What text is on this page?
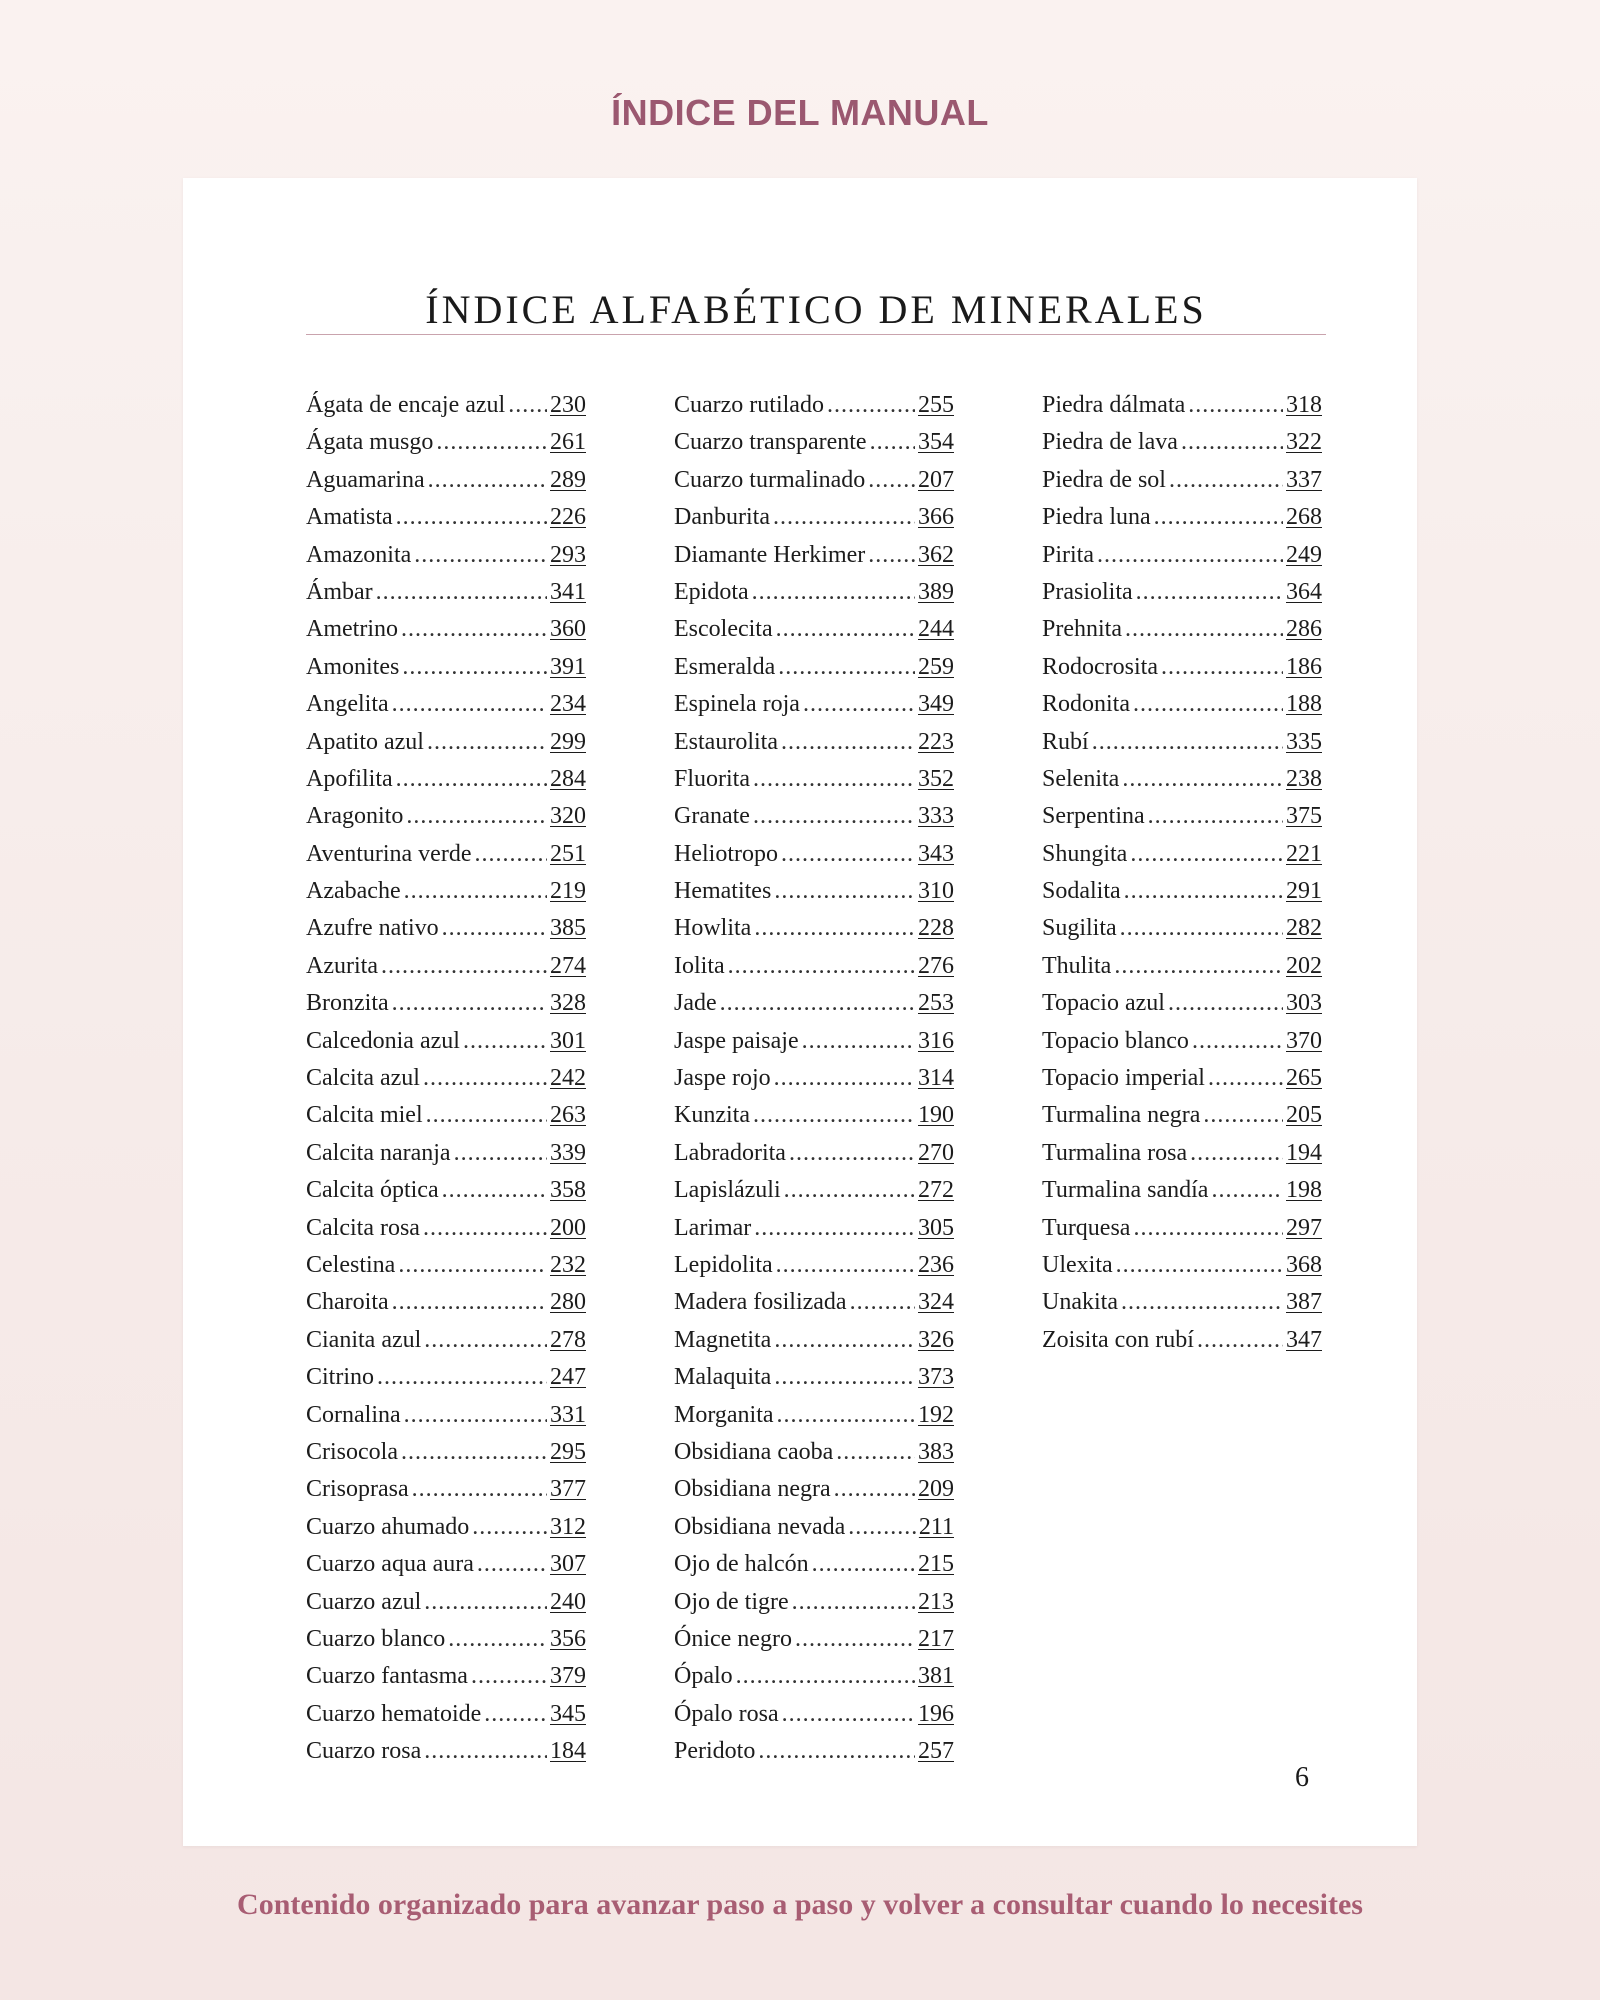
ÍNDICE DEL MANUAL
ÍNDICE ALFABÉTICO DE MINERALES
Ágata de encaje azul ..... 230
Ágata musgo .....	261
Aguamarina .....	289
Amatista .....	226
Amazonita .....	293
Ámbar .....	341
Ametrino .....	360
Amonites .....	391
Angelita .....	234
Apatito azul .....	299
Apofilita .....	284
Aragonito .....	320
Aventurina verde .....	251
Azabache .....	219
Azufre nativo .....	385
Azurita .....	274
Bronzita .....	328
Calcedonia azul .....	301
Calcita azul .....	242
Calcita miel .....	263
Calcita naranja .....	339
Calcita óptica .....	358
Calcita rosa .....	200
Celestina .....	232
Charoita .....	280
Cianita azul .....	278
Citrino .....	247
Cornalina .....	331
Crisocola .....	295
Crisoprasa .....	377
Cuarzo ahumado .....	312
Cuarzo aqua aura .....	307
Cuarzo azul .....	240
Cuarzo blanco .....	356
Cuarzo fantasma .....	379
Cuarzo hematoide .....	345
Cuarzo rosa .....	184
Cuarzo rutilado .....	255
Cuarzo transparente ..... 354
Cuarzo turmalinado ..... 207
Danburita .....	366
Diamante Herkimer ..... 362
Epidota .....	389
Escolecita .....	244
Esmeralda .....	259
Espinela roja .....	349
Estaurolita .....	223
Fluorita .....	352
Granate .....	333
Heliotropo .....	343
Hematites .....	310
Howlita .....	228
Iolita .....	276
Jade .....	253
Jaspe paisaje .....	316
Jaspe rojo .....	314
Kunzita .....	190
Labradorita .....	270
Lapislázuli .....	272
Larimar .....	305
Lepidolita .....	236
Madera fosilizada .....	324
Magnetita .....	326
Malaquita .....	373
Morganita .....	192
Obsidiana caoba .....	383
Obsidiana negra .....	209
Obsidiana nevada .....	211
Ojo de halcón .....	215
Ojo de tigre .....	213
Ónice negro .....	217
Ópalo .....	381
Ópalo rosa .....	196
Peridoto .....	257
Piedra dálmata .....	318
Piedra de lava .....	322
Piedra de sol .....	337
Piedra luna .....	268
Pirita .....	249
Prasiolita .....	364
Prehnita .....	286
Rodocrosita .....	186
Rodonita .....	188
Rubí .....	335
Selenita .....	238
Serpentina .....	375
Shungita .....	221
Sodalita .....	291
Sugilita .....	282
Thulita .....	202
Topacio azul .....	303
Topacio blanco .....	370
Topacio imperial .....	265
Turmalina negra .....	205
Turmalina rosa .....	194
Turmalina sandía .....	198
Turquesa .....	297
Ulexita .....	368
Unakita .....	387
Zoisita con rubí .....	347
6
Contenido organizado para avanzar paso a paso y volver a consultar cuando lo necesites
